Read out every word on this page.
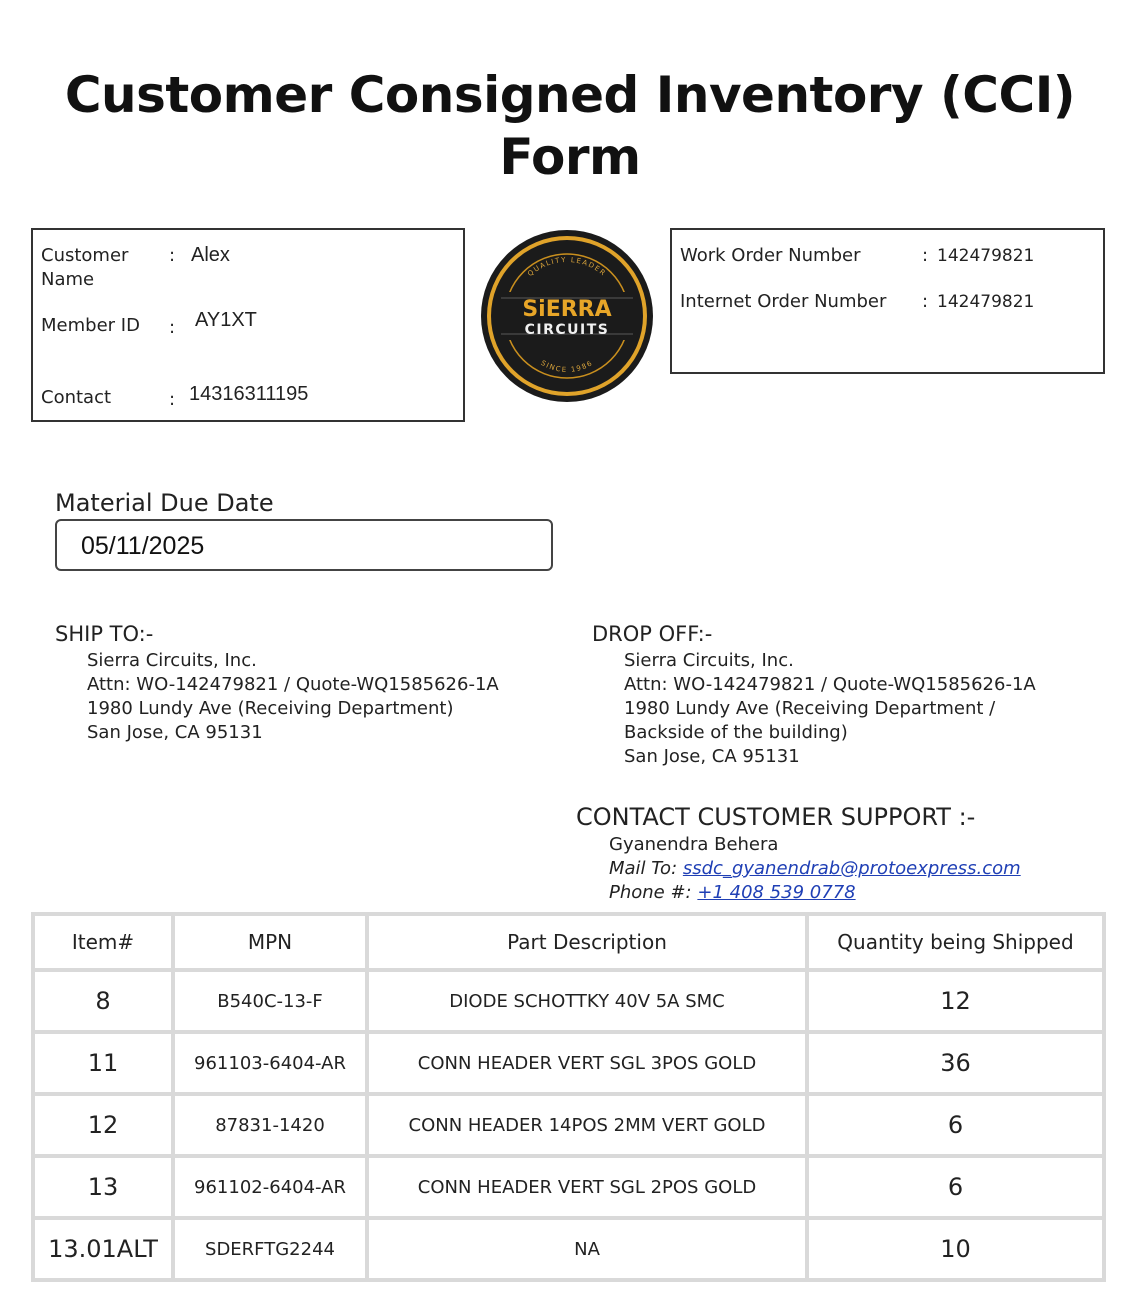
Customer Consigned Inventory (CCI) Form
Customer
Name
: Alex
Member ID : AY1XT
Contact	: 14316311195
QUALITY LEADER
SINCE 1986
SiERRA
CIRCUITS
Work Order Number	: 142479821
Internet Order Number : 142479821
Material Due Date
05/11/2025
SHIP TO:-
Sierra Circuits, Inc.
Attn: WO-142479821 / Quote-WQ1585626-1A
1980 Lundy Ave (Receiving Department)
San Jose, CA 95131
DROP OFF:-
Sierra Circuits, Inc.
Attn: WO-142479821 / Quote-WQ1585626-1A
1980 Lundy Ave (Receiving Department /
Backside of the building)
San Jose, CA 95131
CONTACT CUSTOMER SUPPORT :-
Gyanendra Behera
Mail To: ssdc_gyanendrab@protoexpress.com
Phone #: +1 408 539 0778
Item#	MPN	Part Description	Quantity being Shipped
8	B540C-13-F	DIODE SCHOTTKY 40V 5A SMC	12
11	961103-6404-AR	CONN HEADER VERT SGL 3POS GOLD	36
12	87831-1420	CONN HEADER 14POS 2MM VERT GOLD	6
13	961102-6404-AR	CONN HEADER VERT SGL 2POS GOLD	6
13.01ALT	SDERFTG2244	NA	10
